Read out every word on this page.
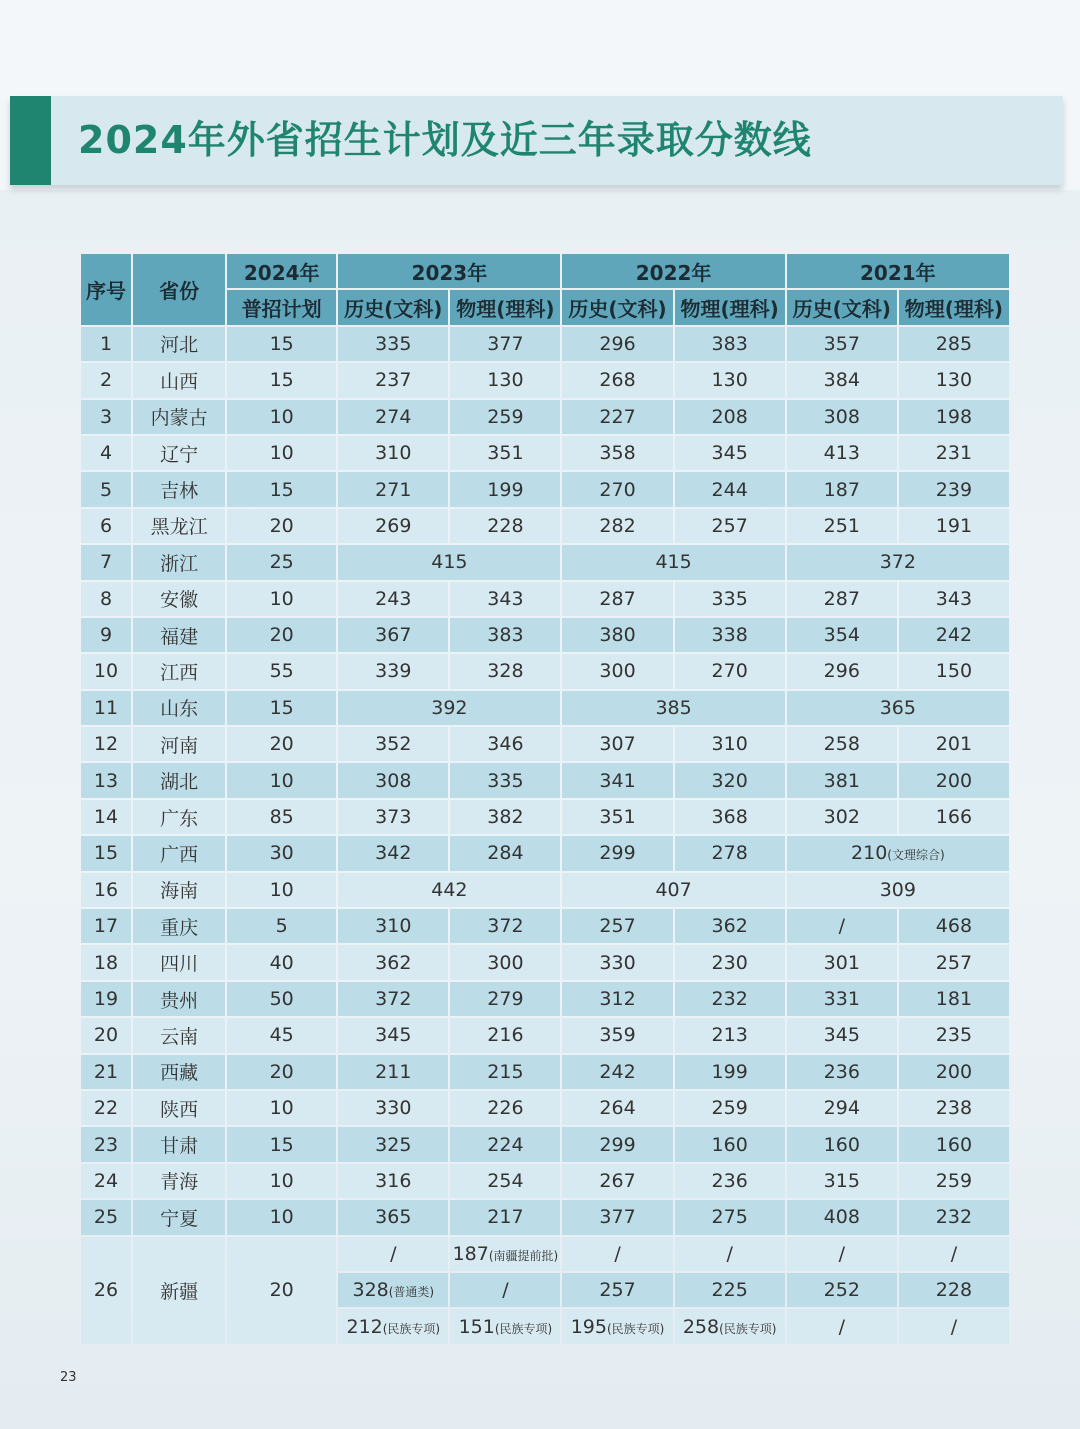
2024年外省招生计划及近三年录取分数线
序号	省份	2024年	2023年		2022年		2021年	
		普招计划	历史(文科)	物理(理科)	历史(文科)	物理(理科)	历史(文科)	物理(理科)
1	河北	15	335	377	296	383	357	285
2	山西	15	237	130	268	130	384	130
3	内蒙古	10	274	259	227	208	308	198
4	辽宁	10	310	351	358	345	413	231
5	吉林	15	271	199	270	244	187	239
6	黑龙江	20	269	228	282	257	251	191
7	浙江	25	415		415		372	
8	安徽	10	243	343	287	335	287	343
9	福建	20	367	383	380	338	354	242
10	江西	55	339	328	300	270	296	150
11	山东	15	392		385		365	
12	河南	20	352	346	307	310	258	201
13	湖北	10	308	335	341	320	381	200
14	广东	85	373	382	351	368	302	166
15	广西	30	342	284	299	278	210(文理综合)	
16	海南	10	442		407		309	
17	重庆	5	310	372	257	362	/	468
18	四川	40	362	300	330	230	301	257
19	贵州	50	372	279	312	232	331	181
20	云南	45	345	216	359	213	345	235
21	西藏	20	211	215	242	199	236	200
22	陕西	10	330	226	264	259	294	238
23	甘肃	15	325	224	299	160	160	160
24	青海	10	316	254	267	236	315	259
25	宁夏	10	365	217	377	275	408	232
26	新疆	20	/	187(南疆提前批)	/	/	/	/
			328(普通类)	/	257	225	252	228
			212(民族专项)	151(民族专项)	195(民族专项)	258(民族专项)	/	/
23
